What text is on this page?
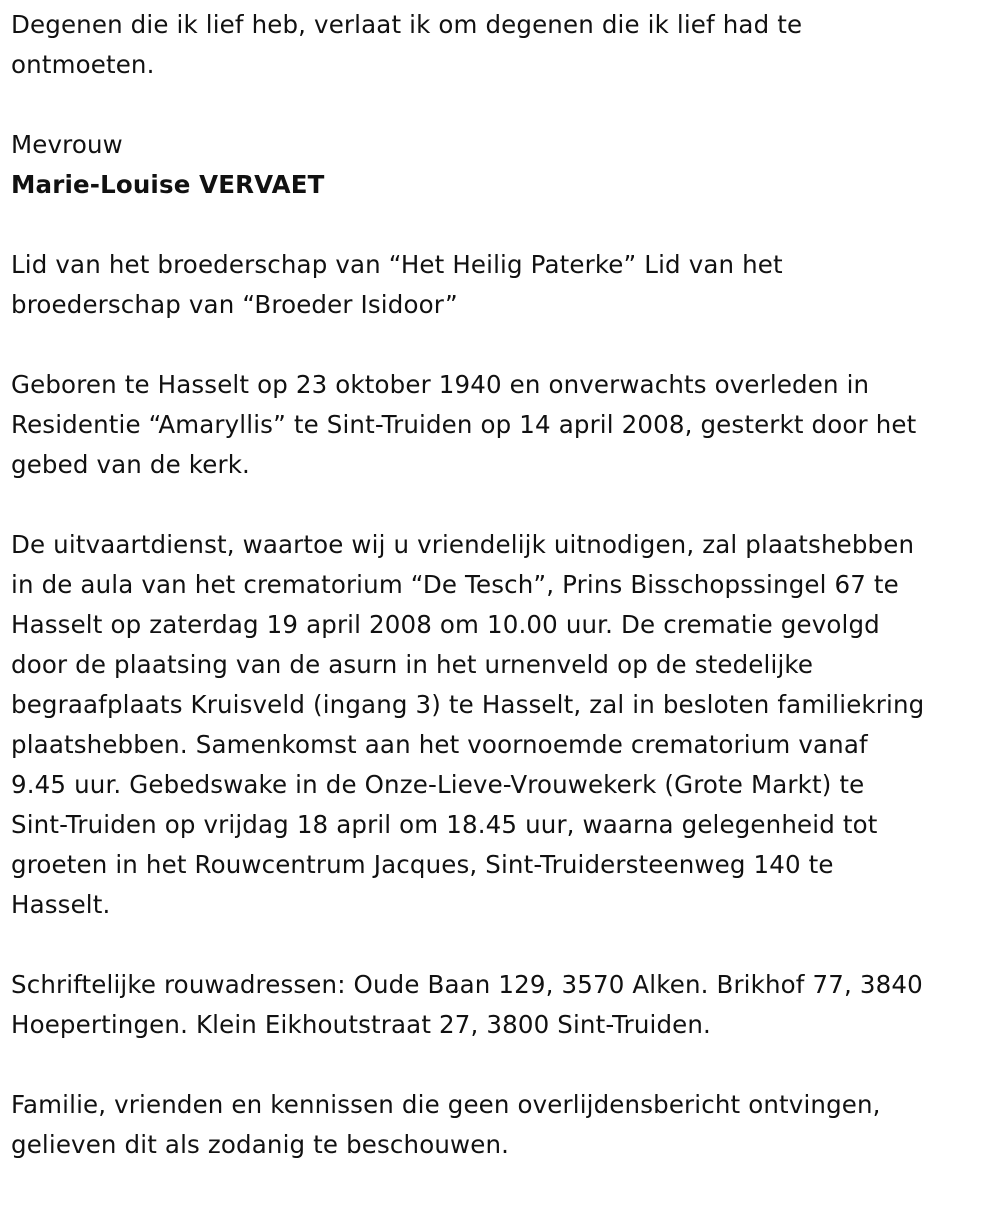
Degenen die ik lief heb, verlaat ik om degenen die ik lief had te
ontmoeten.

Mevrouw

Marie-Louise VERVAET

Lid van het broederschap van “Het Heilig Paterke” Lid van het
broederschap van “Broeder Isidoor”

Geboren te Hasselt op 23 oktober 1940 en onverwachts overleden in
Residentie “Amaryllis” te Sint-Truiden op 14 april 2008, gesterkt door het
gebed van de kerk.

De uitvaartdienst, waartoe wij u vriendelijk uitnodigen, zal plaatshebben
in de aula van het crematorium “De Tesch”, Prins Bisschopssingel 67 te
Hasselt op zaterdag 19 april 2008 om 10.00 uur. De crematie gevolgd
door de plaatsing van de asurn in het urnenveld op de stedelijke
begraafplaats Kruisveld (ingang 3) te Hasselt, zal in besloten familiekring
plaatshebben. Samenkomst aan het voornoemde crematorium vanaf
9.45 uur. Gebedswake in de Onze-Lieve-Vrouwekerk (Grote Markt) te
Sint-Truiden op vrijdag 18 april om 18.45 uur, waarna gelegenheid tot
groeten in het Rouwcentrum Jacques, Sint-Truidersteenweg 140 te
Hasselt.

Schriftelijke rouwadressen: Oude Baan 129, 3570 Alken. Brikhof 77, 3840
Hoepertingen. Klein Eikhoutstraat 27, 3800 Sint-Truiden.

Familie, vrienden en kennissen die geen overlijdensbericht ontvingen,
gelieven dit als zodanig te beschouwen.
